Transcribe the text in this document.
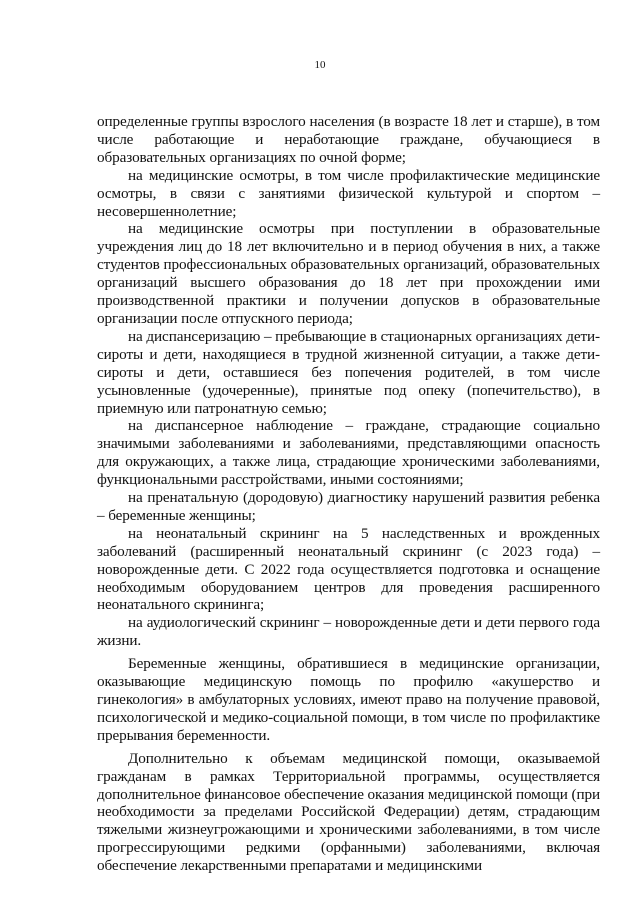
10

определенные группы взрослого населения (в возрасте 18 лет и старше), в том числе работающие и неработающие граждане, обучающиеся в образовательных организациях по очной форме;

на медицинские осмотры, в том числе профилактические медицинские осмотры, в связи с занятиями физической культурой и спортом – несовершеннолетние;

на медицинские осмотры при поступлении в образовательные учреждения лиц до 18 лет включительно и в период обучения в них, а также студентов профессиональных образовательных организаций, образовательных организаций высшего образования до 18 лет при прохождении ими производственной практики и получении допусков в образовательные организации после отпускного периода;

на диспансеризацию – пребывающие в стационарных организациях дети-сироты и дети, находящиеся в трудной жизненной ситуации, а также дети-сироты и дети, оставшиеся без попечения родителей, в том числе усыновленные (удочеренные), принятые под опеку (попечительство), в приемную или патронатную семью;

на диспансерное наблюдение – граждане, страдающие социально значимыми заболеваниями и заболеваниями, представляющими опасность для окружающих, а также лица, страдающие хроническими заболеваниями, функциональными расстройствами, иными состояниями;

на пренатальную (дородовую) диагностику нарушений развития ребенка – беременные женщины;

на неонатальный скрининг на 5 наследственных и врожденных заболеваний (расширенный неонатальный скрининг (с 2023 года) – новорожденные дети. С 2022 года осуществляется подготовка и оснащение необходимым оборудованием центров для проведения расширенного неонатального скрининга;

на аудиологический скрининг – новорожденные дети и дети первого года жизни.

Беременные женщины, обратившиеся в медицинские организации, оказывающие медицинскую помощь по профилю «акушерство и гинекология» в амбулаторных условиях, имеют право на получение правовой, психологической и медико-социальной помощи, в том числе по профилактике прерывания беременности.

Дополнительно к объемам медицинской помощи, оказываемой гражданам в рамках Территориальной программы, осуществляется дополнительное финансовое обеспечение оказания медицинской помощи (при необходимости за пределами Российской Федерации) детям, страдающим тяжелыми жизнеугрожающими и хроническими заболеваниями, в том числе прогрессирующими редкими (орфанными) заболеваниями, включая обеспечение лекарственными препаратами и медицинскими
